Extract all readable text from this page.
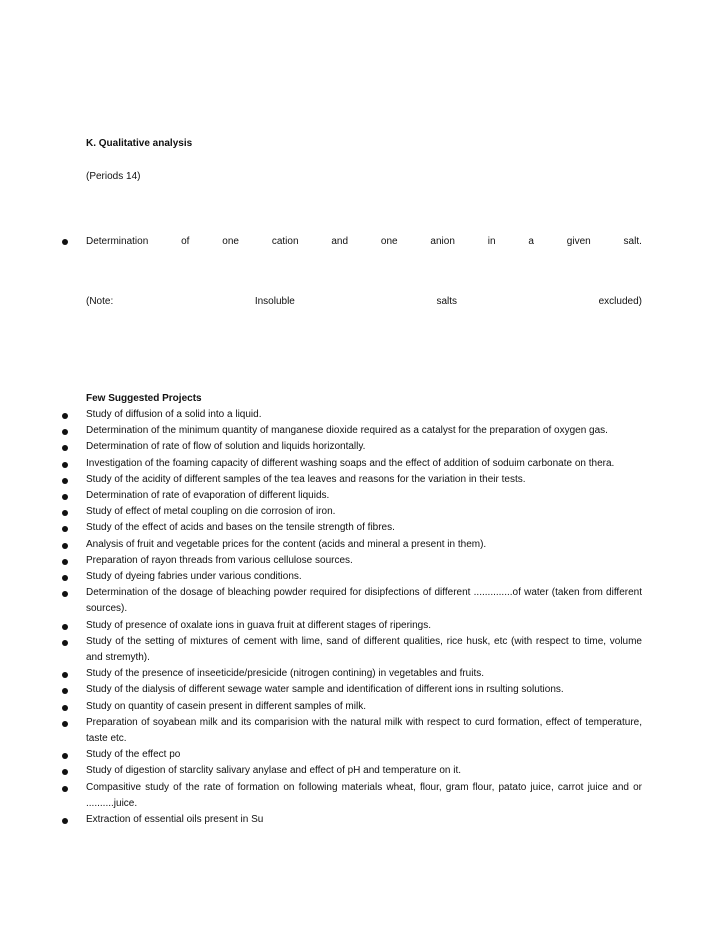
K. Qualitative analysis
(Periods 14)
Determination	of	one	cation	and	one	anion	in	a	given	salt.
(Note:	Insoluble	salts	excluded)
Few Suggested Projects
Study of diffusion of a solid into a liquid.
Determination of the minimum quantity of manganese dioxide required as a catalyst for the preparation of oxygen gas.
Determination of rate of flow of solution and liquids horizontally.
Investigation of the foaming capacity of different washing soaps and the effect of addition of soduim carbonate on thera.
Study of the acidity of different samples of the tea leaves and reasons for the variation in their tests.
Determination of rate of evaporation of different liquids.
Study of effect of metal coupling on die corrosion of iron.
Study of the effect of acids and bases on the tensile strength of fibres.
Analysis of fruit and vegetable prices for the content (acids and mineral a present in them).
Preparation of rayon threads from various cellulose sources.
Study of dyeing fabries under various conditions.
Determination of the dosage of bleaching powder required for disipfections of different ..............of water (taken from different sources).
Study of presence of oxalate ions in guava fruit at different stages of riperings.
Study of the setting of mixtures of cement with lime, sand of different qualities, rice husk, etc (with respect to time, volume and stremyth).
Study of the presence of inseeticide/presicide (nitrogen contining) in vegetables and fruits.
Study of the dialysis of different sewage water sample and identification of different ions in rsulting solutions.
Study on quantity of casein present in different samples of milk.
Preparation of soyabean milk and its comparision with the natural milk with respect to curd formation, effect of temperature, taste etc.
Study of the effect po
Study of digestion of starclity salivary anylase and effect of pH and temperature on it.
Compasitive study of the rate of formation on following materials wheat, flour, gram flour, patato juice, carrot juice and or ..........juice.
Extraction of essential oils present in Su
